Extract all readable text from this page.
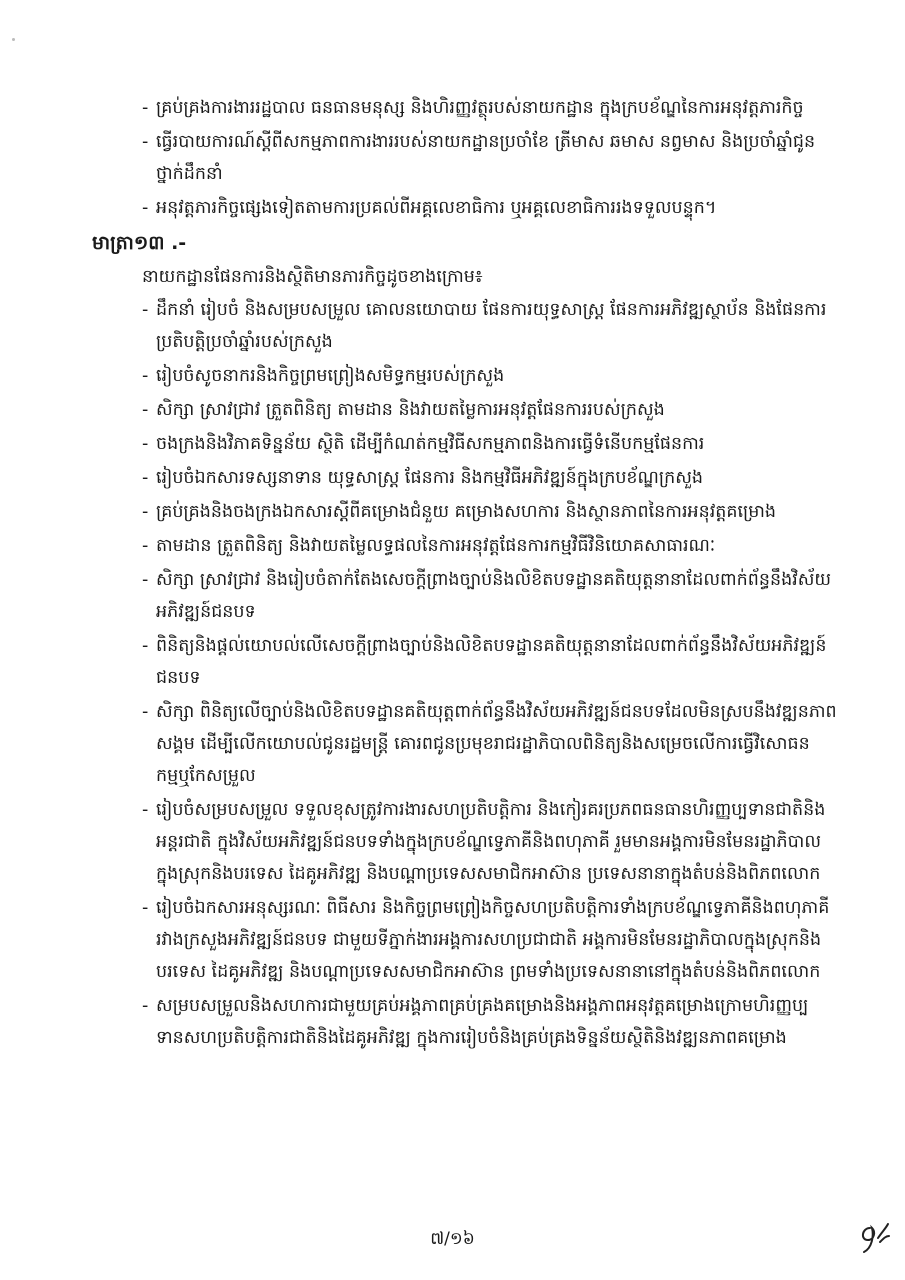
- គ្រប់គ្រងការងាររដ្ឋបាល ធនធានមនុស្ស និងហិរញ្ញវត្ថុរបស់នាយកដ្ឋាន ក្នុងក្របខ័ណ្ឌនៃការអនុវត្តភារកិច្ច
- ធ្វើរបាយការណ៍ស្តីពីសកម្មភាពការងាររបស់នាយកដ្ឋានប្រចាំខែ ត្រីមាស ឆមាស ន​ព្វមាស និងប្រចាំឆ្នាំជូនថ្នាក់ដឹកនាំ
- អនុវត្តភារកិច្ចផ្សេងទៀតតាមការប្រគល់ពីអគ្គលេខាធិការ ឬអគ្គលេខាធិការរងទទួលបន្ទុក។
មាត្រា១៣ .-
នាយកដ្ឋានផែនការនិងស្ថិតិមានភារកិច្ចដូចខាងក្រោម៖
- ដឹកនាំ រៀបចំ និងសម្របសម្រួល គោលនយោបាយ ផែនការយុទ្ធសាស្ត្រ ផែនការអភិវឌ្ឍស្ថាប័ន និងផែនការប្រតិបត្តិប្រចាំឆ្នាំរបស់ក្រសួង
- រៀបចំសូចនាករនិងកិច្ចព្រមព្រៀងសមិទ្ធកម្មរបស់ក្រសួង
- សិក្សា ស្រាវជ្រាវ ត្រួតពិនិត្យ តាមដាន និងវាយតម្លៃការអនុវត្តផែនការរបស់ក្រសួង
- ចងក្រងនិងវិភាគទិន្នន័យ ស្ថិតិ ដើម្បីកំណត់កម្មវិធីសកម្មភាពនិងការធ្វើទំនើបកម្មផែនការ
- រៀបចំឯកសារទស្សនាទាន យុទ្ធសាស្ត្រ ផែនការ និងកម្មវិធីអភិវឌ្ឍន៍ក្នុងក្របខ័ណ្ឌក្រសួង
- គ្រប់គ្រងនិងចងក្រងឯកសារស្តីពីគម្រោងជំនួយ គម្រោងសហការ និងស្ថានភាពនៃការអនុវត្តគម្រោង
- តាមដាន ត្រួតពិនិត្យ និងវាយតម្លៃលទ្ធផលនៃការអនុវត្តផែនការកម្មវិធីវិនិយោគសាធារណៈ
- សិក្សា ស្រាវជ្រាវ និងរៀបចំតាក់តែងសេចក្តីព្រាងច្បាប់និងលិខិតបទដ្ឋានគតិយុត្តនានាដែលពាក់ព័ន្ធនឹងវិស័យអភិវឌ្ឍន៍ជនបទ
- ពិនិត្យនិងផ្តល់យោបល់លើសេចក្តីព្រាងច្បាប់និងលិខិតបទដ្ឋានគតិយុត្តនានាដែលពាក់ព័ន្ធនឹងវិស័យអភិវឌ្ឍន៍ជនបទ
- សិក្សា ពិនិត្យលើច្បាប់និងលិខិតបទដ្ឋានគតិយុត្តពាក់ព័ន្ធនឹងវិស័យអភិវឌ្ឍន៍ជនបទដែលមិនស្របនឹងវឌ្ឍនភាពសង្គម ដើម្បីលើកយោបល់ជូនរដ្ឋមន្ត្រី គោរពជូនប្រមុខរាជរដ្ឋាភិបាលពិនិត្យនិងសម្រេចលើការធ្វើវិសោធនកម្មឬកែសម្រួល
- រៀបចំសម្របសម្រួល ទទួលខុសត្រូវការងារសហប្រតិបត្តិការ និងកៀរគរប្រភពធនធានហិរញ្ញប្បទានជាតិនិងអន្តរជាតិ ក្នុងវិស័យអភិវឌ្ឍន៍ជនបទទាំងក្នុងក្របខ័ណ្ឌទ្វេភាគីនិងពហុភាគី រួមមានអង្គការមិនមែនរដ្ឋាភិបាលក្នុងស្រុកនិងបរទេស ដៃគូអភិវឌ្ឍ និងបណ្តាប្រទេសសមាជិកអាស៊ាន ប្រទេសនានាក្នុងតំបន់និងពិភពលោក
- រៀបចំឯកសារអនុស្សរណៈ ពិធីសារ និងកិច្ចព្រមព្រៀងកិច្ចសហប្រតិបត្តិការទាំងក្របខ័ណ្ឌទ្វេភាគីនិងពហុភាគីរវាងក្រសួងអភិវឌ្ឍន៍ជនបទ ជាមួយទីភ្នាក់ងារអង្គការសហប្រជាជាតិ អង្គការមិនមែនរដ្ឋាភិបាលក្នុងស្រុកនិងបរទេស ដៃគូអភិវឌ្ឍ និងបណ្តាប្រទេសសមាជិកអាស៊ាន ព្រមទាំងប្រទេសនានានៅក្នុងតំបន់និងពិភពលោក
- សម្របសម្រួលនិងសហការជាមួយគ្រប់អង្គភាពគ្រប់គ្រងគម្រោងនិងអង្គភាពអនុវត្តគម្រោងក្រោមហិរញ្ញប្បទានសហប្រតិបត្តិការជាតិនិងដៃគូអភិវឌ្ឍ ក្នុងការរៀបចំនិងគ្រប់គ្រងទិន្នន័យស្ថិតិនិងវឌ្ឍនភាពគម្រោង
៧/១៦
